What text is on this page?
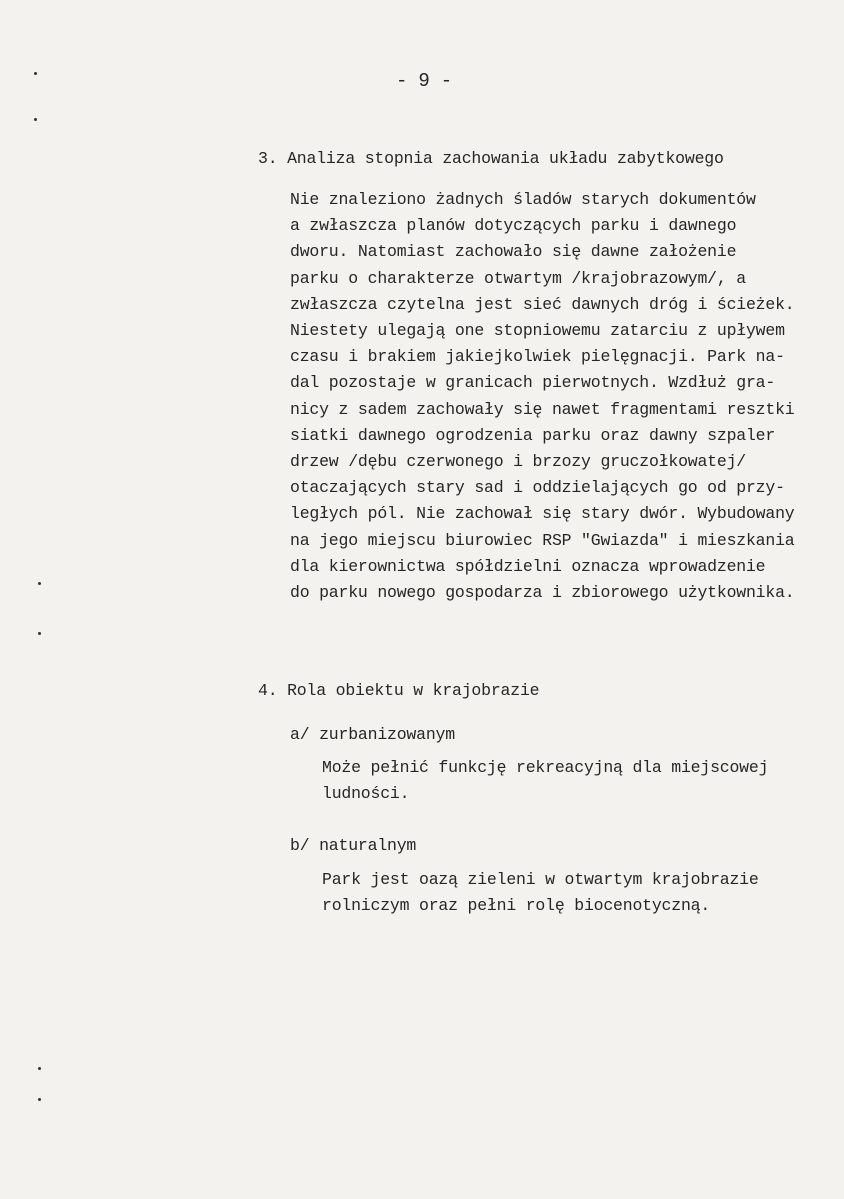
- 9 -
3. Analiza stopnia zachowania układu zabytkowego
Nie znaleziono żadnych śladów starych dokumentów
a zwłaszcza planów dotyczących parku i dawnego
dworu. Natomiast zachowało się dawne założenie
parku o charakterze otwartym /krajobrazowym/, a
zwłaszcza czytelna jest sieć dawnych dróg i ścieżek.
Niestety ulegają one stopniowemu zatarciu z upływem
czasu i brakiem jakiejkolwiek pielęgnacji. Park na-
dal pozostaje w granicach pierwotnych. Wzdłuż gra-
nicy z sadem zachowały się nawet fragmentami resztki
siatki dawnego ogrodzenia parku oraz dawny szpaler
drzew /dębu czerwonego i brzozy gruczołkowatej/
otaczających stary sad i oddzielających go od przy-
ległych pól. Nie zachował się stary dwór. Wybudowany
na jego miejscu biurowiec RSP "Gwiazda" i mieszkania
dla kierownictwa spółdzielni oznacza wprowadzenie
do parku nowego gospodarza i zbiorowego użytkownika.
4. Rola obiektu w krajobrazie
a/ zurbanizowanym
Może pełnić funkcję rekreacyjną dla miejscowej
ludności.
b/ naturalnym
Park jest oazą zieleni w otwartym krajobrazie
rolniczym oraz pełni rolę biocenotyczną.
